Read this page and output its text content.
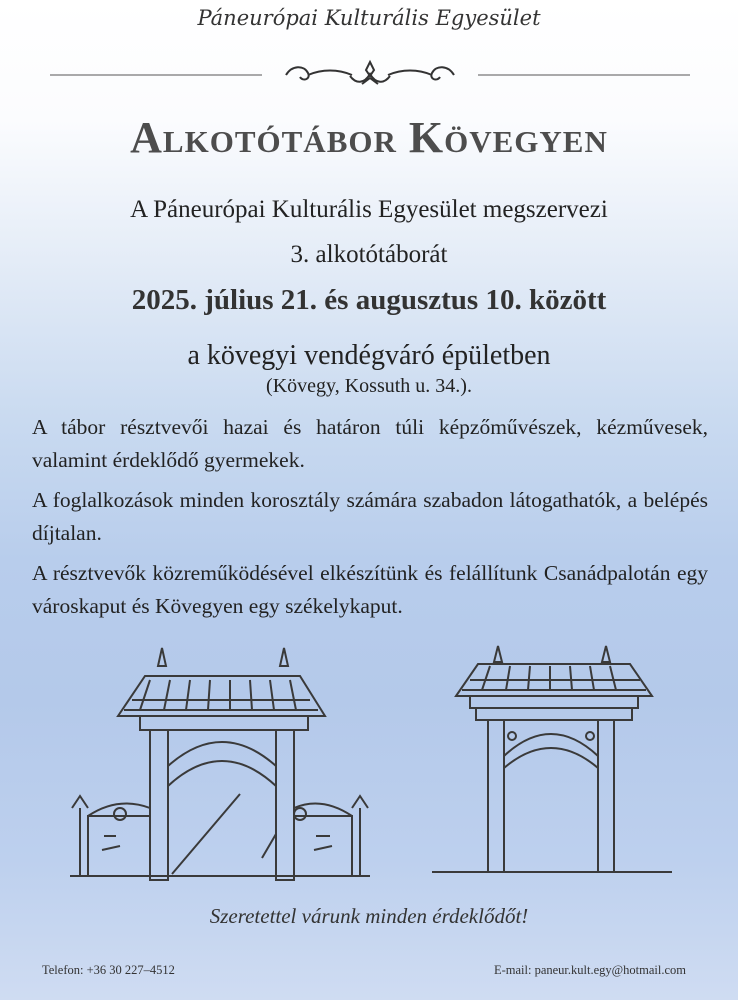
Páneurópai Kulturális Egyesület
Alkotótábor Kövegyen
A Páneurópai Kulturális Egyesület megszervezi
3. alkotótáborát
2025. július 21. és augusztus 10. között
a kövegyi vendégváró épületben
(Kövegy, Kossuth u. 34.).
A tábor résztvevői hazai és határon túli képzőművészek, kézművesek, valamint érdeklődő gyermekek.
A foglalkozások minden korosztály számára szabadon látogathatók, a belépés díjtalan.
A résztvevők közreműködésével elkészítünk és felállítunk Csanádpalotán egy városkaput és Kövegyen egy székelykaput.
Szeretettel várunk minden érdeklődőt!
Telefon: +36 30 227–4512	E-mail: paneur.kult.egy@hotmail.com
